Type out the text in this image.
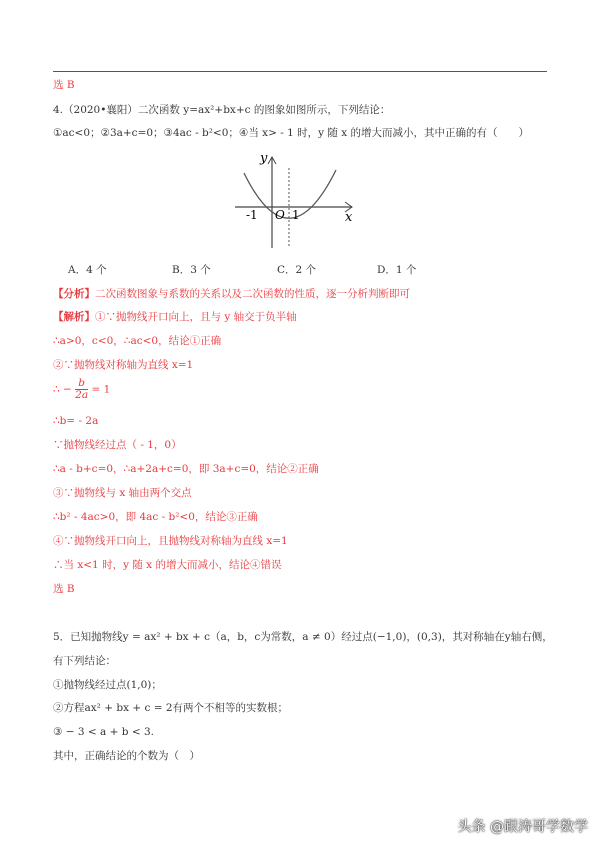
选 B
4.（2020•襄阳）二次函数 y=ax²+bx+c 的图象如图所示，下列结论：
①ac<0；②3a+c=0；③4ac - b²<0；④当 x> - 1 时，y 随 x 的增大而减小，其中正确的有（　　）
y
x
-1 O 1
A．4 个	B．3 个	C．2 个	D．1 个
【分析】二次函数图象与系数的关系以及二次函数的性质，逐一分析判断即可
【解析】①∵抛物线开口向上，且与 y 轴交于负半轴
∴a>0，c<0，∴ac<0，结论①正确
②∵抛物线对称轴为直线 x=1
∴ − $\frac{b}{2a} = 1$
∴b= - 2a
∵抛物线经过点（ - 1，0）
∴a - b+c=0，∴a+2a+c=0，即 3a+c=0，结论②正确
③∵抛物线与 x 轴由两个交点
∴b² - 4ac>0，即 4ac - b²<0，结论③正确
④∵抛物线开口向上，且抛物线对称轴为直线 x=1
∴当 x<1 时，y 随 x 的增大而减小，结论④错误
选 B
5．已知抛物线y = ax² + bx + c（a，b，c为常数，a ≠ 0）经过点(−1,0)，(0,3)，其对称轴在y轴右侧，
有下列结论：
①抛物线经过点(1,0)；
②方程ax² + bx + c = 2有两个不相等的实数根；
③ − 3 < a + b < 3.
其中，正确结论的个数为（　）
头条 @跟涛哥学数学
